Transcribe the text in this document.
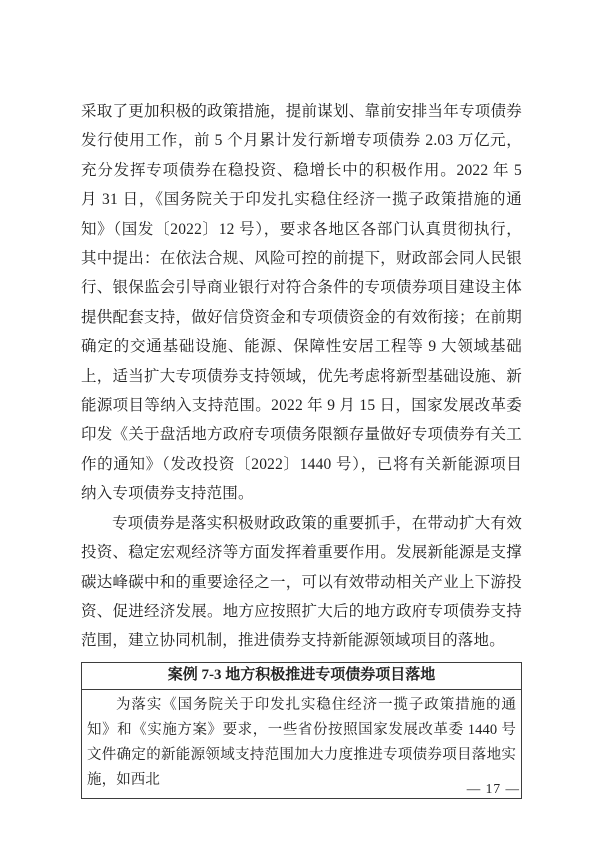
采取了更加积极的政策措施，提前谋划、靠前安排当年专项债券发行使用工作，前 5 个月累计发行新增专项债券 2.03 万亿元，充分发挥专项债券在稳投资、稳增长中的积极作用。2022 年 5 月 31 日，《国务院关于印发扎实稳住经济一揽子政策措施的通知》（国发〔2022〕12 号），要求各地区各部门认真贯彻执行，其中提出：在依法合规、风险可控的前提下，财政部会同人民银行、银保监会引导商业银行对符合条件的专项债券项目建设主体提供配套支持，做好信贷资金和专项债资金的有效衔接；在前期确定的交通基础设施、能源、保障性安居工程等 9 大领域基础上，适当扩大专项债券支持领域，优先考虑将新型基础设施、新能源项目等纳入支持范围。2022 年 9 月 15 日，国家发展改革委印发《关于盘活地方政府专项债务限额存量做好专项债券有关工作的通知》（发改投资〔2022〕1440 号），已将有关新能源项目纳入专项债券支持范围。

专项债券是落实积极财政政策的重要抓手，在带动扩大有效投资、稳定宏观经济等方面发挥着重要作用。发展新能源是支撑碳达峰碳中和的重要途径之一，可以有效带动相关产业上下游投资、促进经济发展。地方应按照扩大后的地方政府专项债券支持范围，建立协同机制，推进债券支持新能源领域项目的落地。

案例 7-3 地方积极推进专项债券项目落地
为落实《国务院关于印发扎实稳住经济一揽子政策措施的通知》和《实施方案》要求，一些省份按照国家发展改革委 1440 号文件确定的新能源领域支持范围加大力度推进专项债券项目落地实施，如西北
— 17 —
